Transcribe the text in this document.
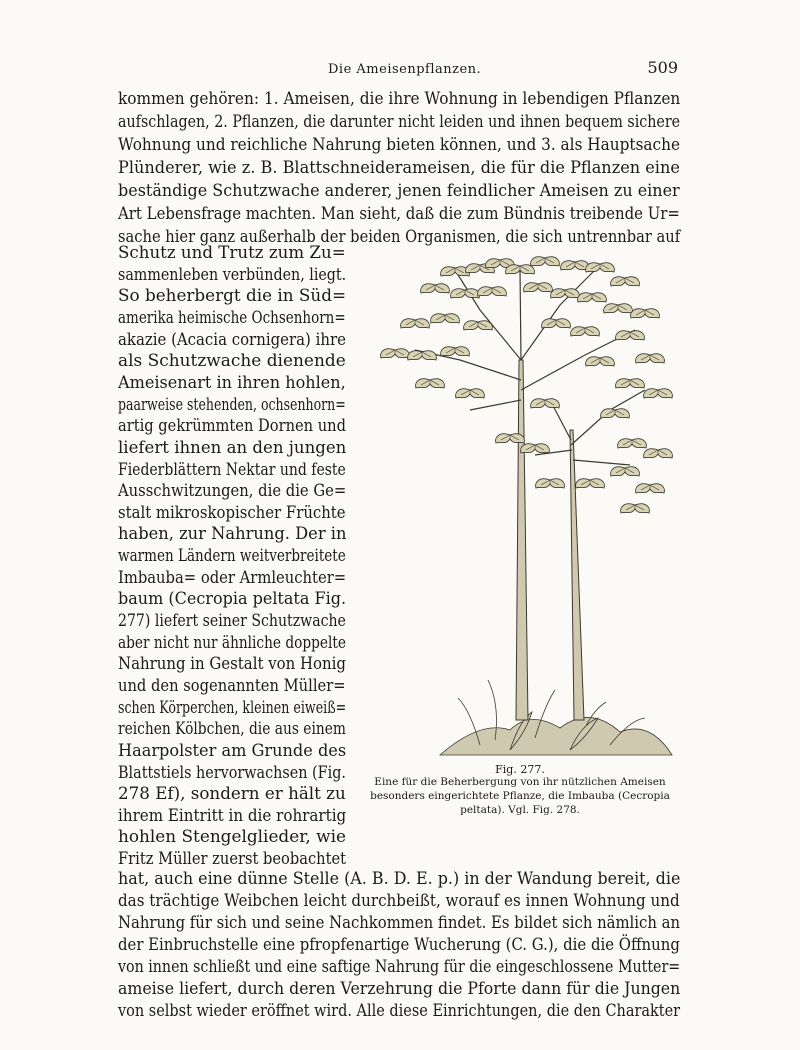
Die Ameisenpflanzen.	509
kommen gehören: 1. Ameisen, die ihre Wohnung in lebendigen Pflanzen
aufschlagen, 2. Pflanzen, die darunter nicht leiden und ihnen bequem sichere
Wohnung und reichliche Nahrung bieten können, und 3. als Hauptsache
Plünderer, wie z. B. Blattschneiderameisen, die für die Pflanzen eine
beständige Schutzwache anderer, jenen feindlicher Ameisen zu einer
Art Lebensfrage machten. Man sieht, daß die zum Bündnis treibende Ur=
sache hier ganz außerhalb der beiden Organismen, die sich untrennbar auf
Schutz und Trutz zum Zu=
sammenleben verbünden, liegt.
So beherbergt die in Süd=
amerika heimische Ochsenhorn=
akazie (Acacia cornigera) ihre
als Schutzwache dienende
Ameisenart in ihren hohlen,
paarweise stehenden, ochsenhorn=
artig gekrümmten Dornen und
liefert ihnen an den jungen
Fiederblättern Nektar und feste
Ausschwitzungen, die die Ge=
stalt mikroskopischer Früchte
haben, zur Nahrung. Der in
warmen Ländern weitverbreitete
Imbauba= oder Armleuchter=
baum (Cecropia peltata Fig.
277) liefert seiner Schutzwache
aber nicht nur ähnliche doppelte
Nahrung in Gestalt von Honig
und den sogenannten Müller=
schen Körperchen, kleinen eiweiß=
reichen Kölbchen, die aus einem
Haarpolster am Grunde des
Blattstiels hervorwachsen (Fig.
278 Ef), sondern er hält zu
ihrem Eintritt in die rohrartig
hohlen Stengelglieder, wie
Fritz Müller zuerst beobachtet
hat, auch eine dünne Stelle (A. B. D. E. p.) in der Wandung bereit, die
das trächtige Weibchen leicht durchbeißt, worauf es innen Wohnung und
Nahrung für sich und seine Nachkommen findet. Es bildet sich nämlich an
der Einbruchstelle eine pfropfenartige Wucherung (C. G.), die die Öffnung
von innen schließt und eine saftige Nahrung für die eingeschlossene Mutter=
ameise liefert, durch deren Verzehrung die Pforte dann für die Jungen
von selbst wieder eröffnet wird. Alle diese Einrichtungen, die den Charakter
Fig. 277.
Eine für die Beherbergung von ihr nützlichen Ameisen
besonders eingerichtete Pflanze, die Imbauba (Cecropia
peltata). Vgl. Fig. 278.
